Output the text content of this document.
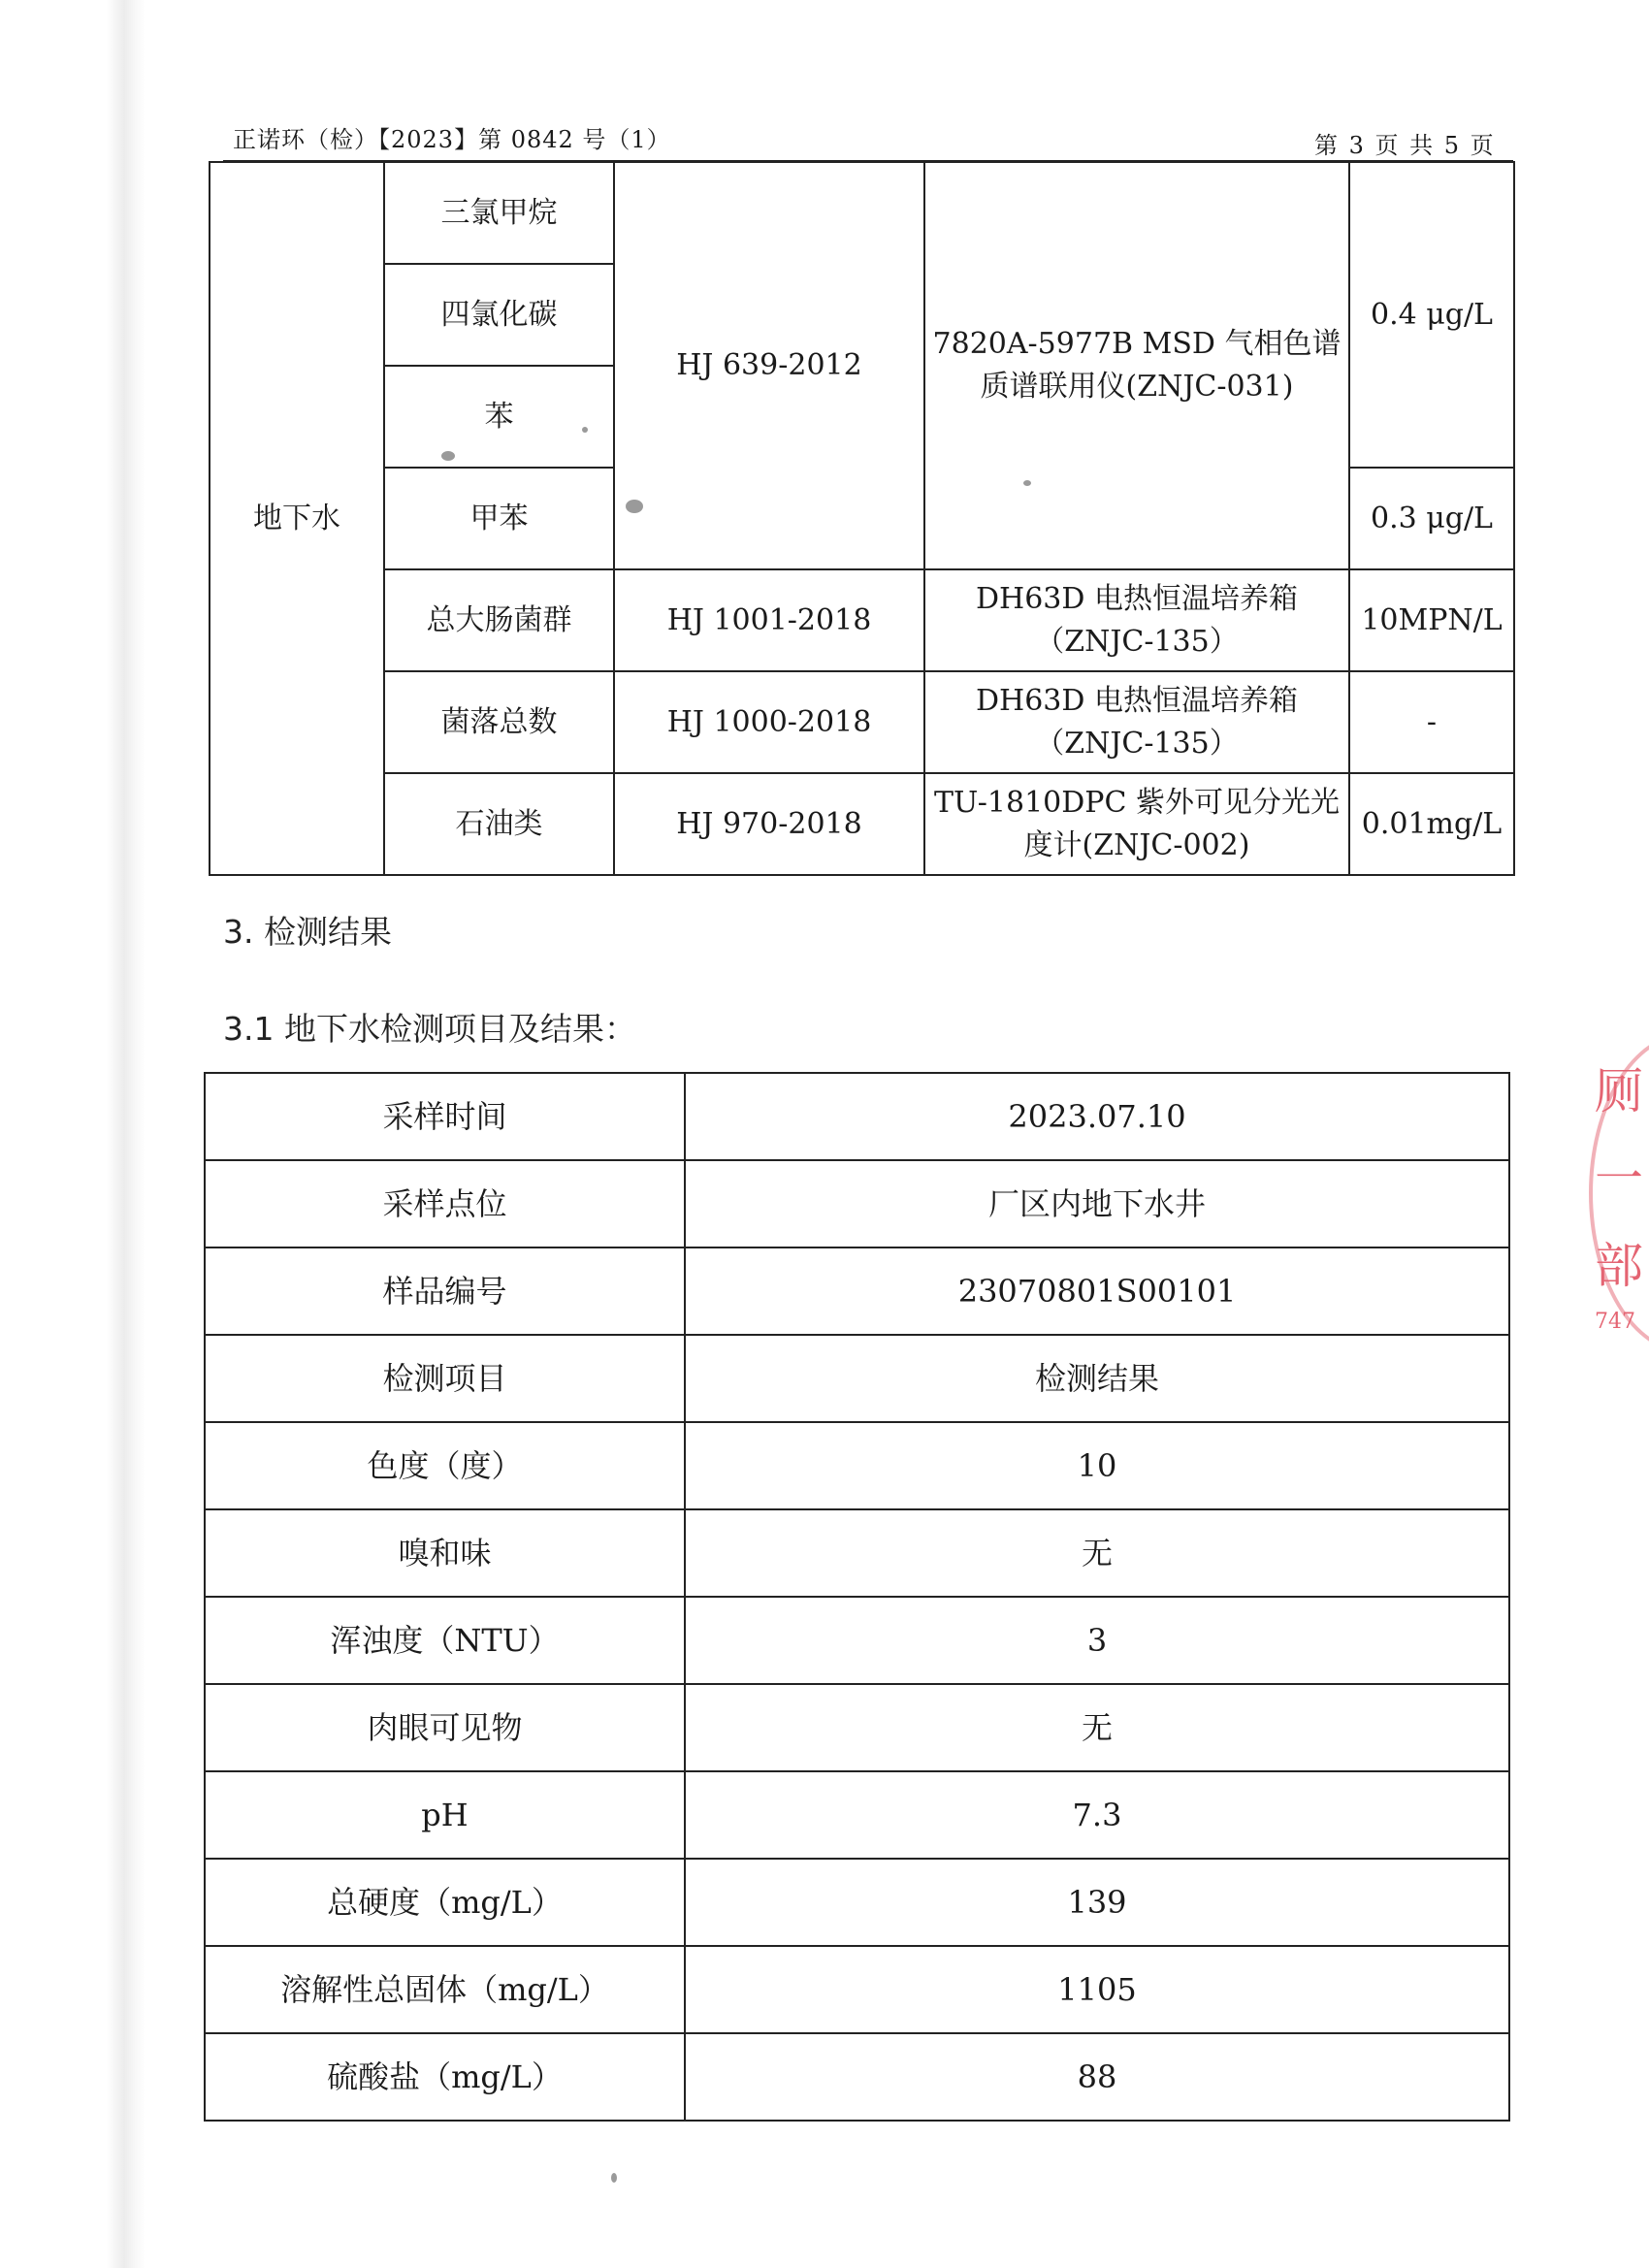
正诺环（检）【2023】第 0842 号（1）	第 3 页 共 5 页
地下水	三氯甲烷	HJ 639-2012	7820A-5977B MSD 气相色谱质谱联用仪(ZNJC-031)	0.4 μg/L
	四氯化碳			
	苯			
	甲苯			0.3 μg/L
	总大肠菌群	HJ 1001-2018	DH63D 电热恒温培养箱（ZNJC-135）	10MPN/L
	菌落总数	HJ 1000-2018	DH63D 电热恒温培养箱（ZNJC-135）	-
	石油类	HJ 970-2018	TU-1810DPC 紫外可见分光光度计(ZNJC-002)	0.01mg/L
3. 检测结果
3.1 地下水检测项目及结果：
采样时间	2023.07.10
采样点位	厂区内地下水井
样品编号	23070801S00101
检测项目	检测结果
色度（度）	10
嗅和味	无
浑浊度（NTU）	3
肉眼可见物	无
pH	7.3
总硬度（mg/L）	139
溶解性总固体（mg/L）	1105
硫酸盐（mg/L）	88
厕
一
部
747
